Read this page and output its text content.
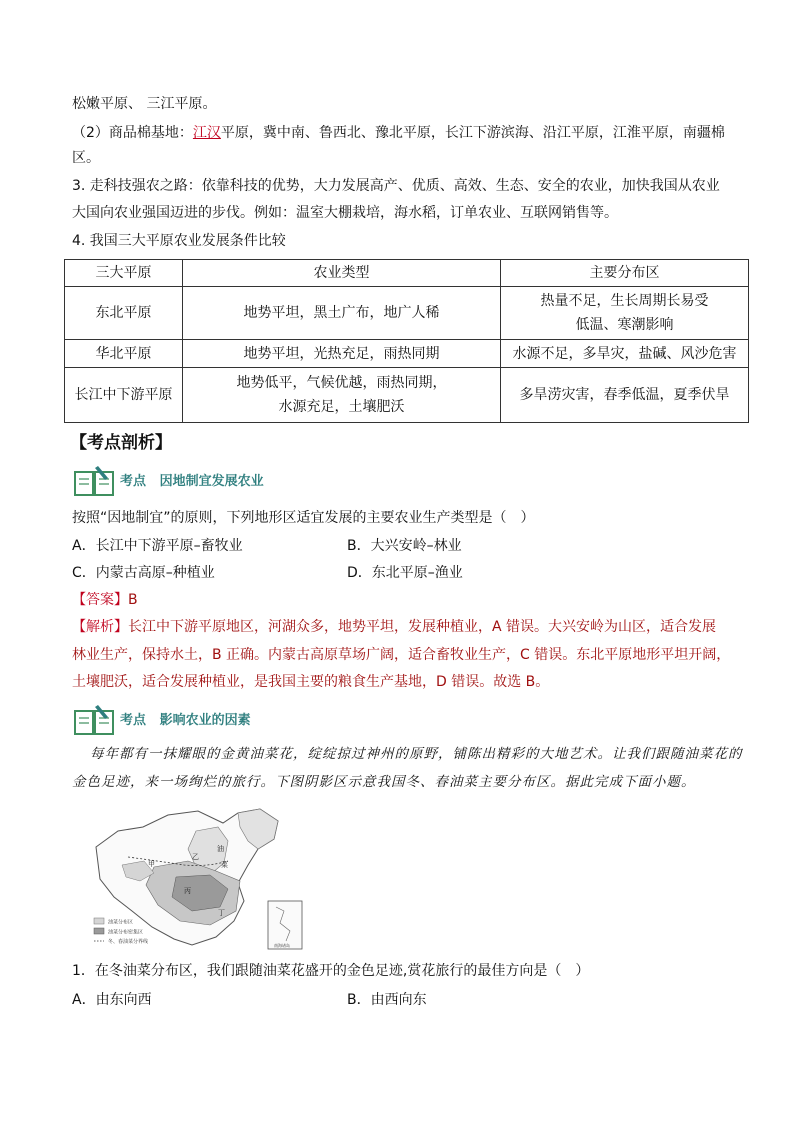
松嫩平原、 三江平原。
（2）商品棉基地：江汉平原，冀中南、鲁西北、豫北平原，长江下游滨海、沿江平原，江淮平原，南疆棉
区。
3. 走科技强农之路：依靠科技的优势，大力发展高产、优质、高效、生态、安全的农业，加快我国从农业
大国向农业强国迈进的步伐。例如：温室大棚栽培，海水稻，订单农业、互联网销售等。
4. 我国三大平原农业发展条件比较
三大平原	农业类型	主要分布区
东北平原	地势平坦，黑土广布，地广人稀	热量不足，生长周期长易受
低温、寒潮影响

华北平原	地势平坦，光热充足，雨热同期	水源不足，多旱灾，盐碱、风沙危害
长江中下游平原	地势低平，气候优越，雨热同期，
水源充足，土壤肥沃	多旱涝灾害，春季低温，夏季伏旱
【考点剖析】
考点 因地制宜发展农业
按照“因地制宜”的原则，下列地形区适宜发展的主要农业生产类型是（　）
A．长江中下游平原–畜牧业	B．大兴安岭–林业
C．内蒙古高原–种植业	D．东北平原–渔业
【答案】B
【解析】长江中下游平原地区，河湖众多，地势平坦，发展种植业，A 错误。大兴安岭为山区，适合发展
林业生产，保持水土，B 正确。内蒙古高原草场广阔，适合畜牧业生产，C 错误。东北平原地形平坦开阔，
土壤肥沃，适合发展种植业，是我国主要的粮食生产基地，D 错误。故选 B。
考点 影响农业的因素
每年都有一抹耀眼的金黄油菜花，绽绽掠过神州的原野，铺陈出精彩的大地艺术。让我们跟随油菜花的
金色足迹，来一场绚烂的旅行。下图阴影区示意我国冬、春油菜主要分布区。据此完成下面小题。
油
甲
乙
菜
丙
丁
南海诸岛
油菜分布区
油菜分布密集区
冬、春油菜分界线
1．在冬油菜分布区，我们跟随油菜花盛开的金色足迹,赏花旅行的最佳方向是（　）
A．由东向西	B．由西向东
